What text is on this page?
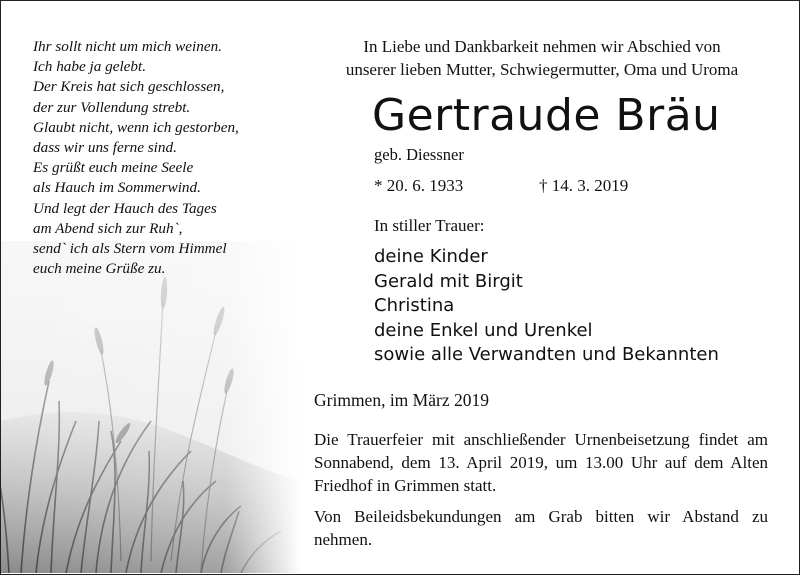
Ihr sollt nicht um mich weinen.
Ich habe ja gelebt.
Der Kreis hat sich geschlossen,
der zur Vollendung strebt.
Glaubt nicht, wenn ich gestorben,
dass wir uns ferne sind.
Es grüßt euch meine Seele
als Hauch im Sommerwind.
Und legt der Hauch des Tages
am Abend sich zur Ruh`,
send` ich als Stern vom Himmel
euch meine Grüße zu.
In Liebe und Dankbarkeit nehmen wir Abschied von
unserer lieben Mutter, Schwiegermutter, Oma und Uroma
Gertraude Bräu
geb. Diessner
* 20. 6. 1933	† 14. 3. 2019
In stiller Trauer:
deine Kinder
Gerald mit Birgit
Christina
deine Enkel und Urenkel
sowie alle Verwandten und Bekannten
Grimmen, im März 2019
Die Trauerfeier mit anschließender Urnenbeisetzung findet am Sonnabend, dem 13. April 2019, um 13.00 Uhr auf dem Alten Friedhof in Grimmen statt.
Von Beileidsbekundungen am Grab bitten wir Abstand zu nehmen.
